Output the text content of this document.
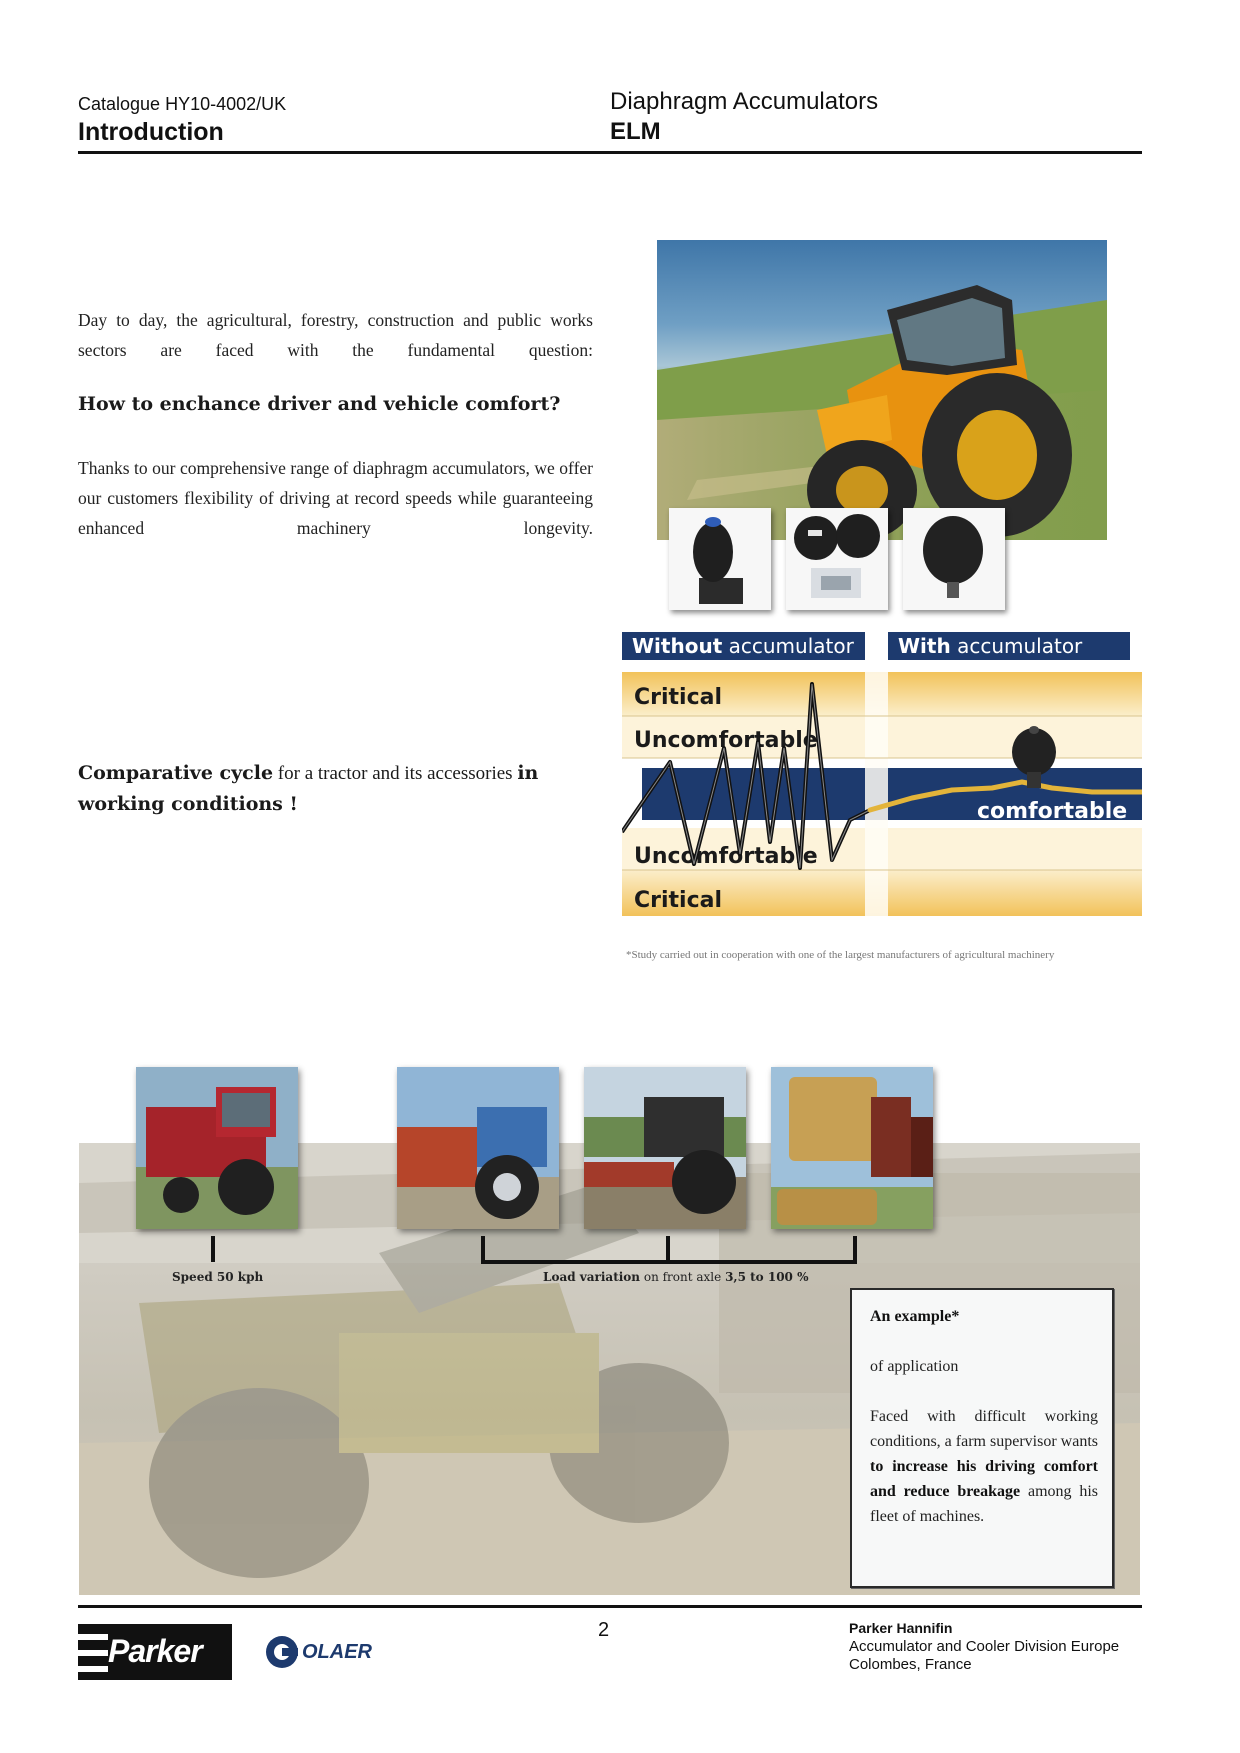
Catalogue HY10-4002/UK
Introduction
Diaphragm Accumulators
ELM
Day to day, the agricultural, forestry, construction and public works sectors are faced with the fundamental question:
How to enchance driver and vehicle comfort?
Thanks to our comprehensive range of diaphragm accumulators, we offer our customers flexibility of driving at record speeds while guaranteeing enhanced machinery longevity.
Comparative cycle for a tractor and its accessories in
working conditions !
Without accumulator With accumulator
Critical
Uncomfortable
comfortable
Uncomfortable
Critical
*Study carried out in cooperation with one of the largest manufacturers of agricultural machinery
Speed 50 kph	Load variation on front axle 3,5 to 100 %
An example*
of application
Faced with difficult working conditions, a farm supervisor wants to increase his driving comfort and reduce breakage among his fleet of machines.
Parker	OLAER
2	Parker Hannifin
Accumulator and Cooler Division Europe
Colombes, France
